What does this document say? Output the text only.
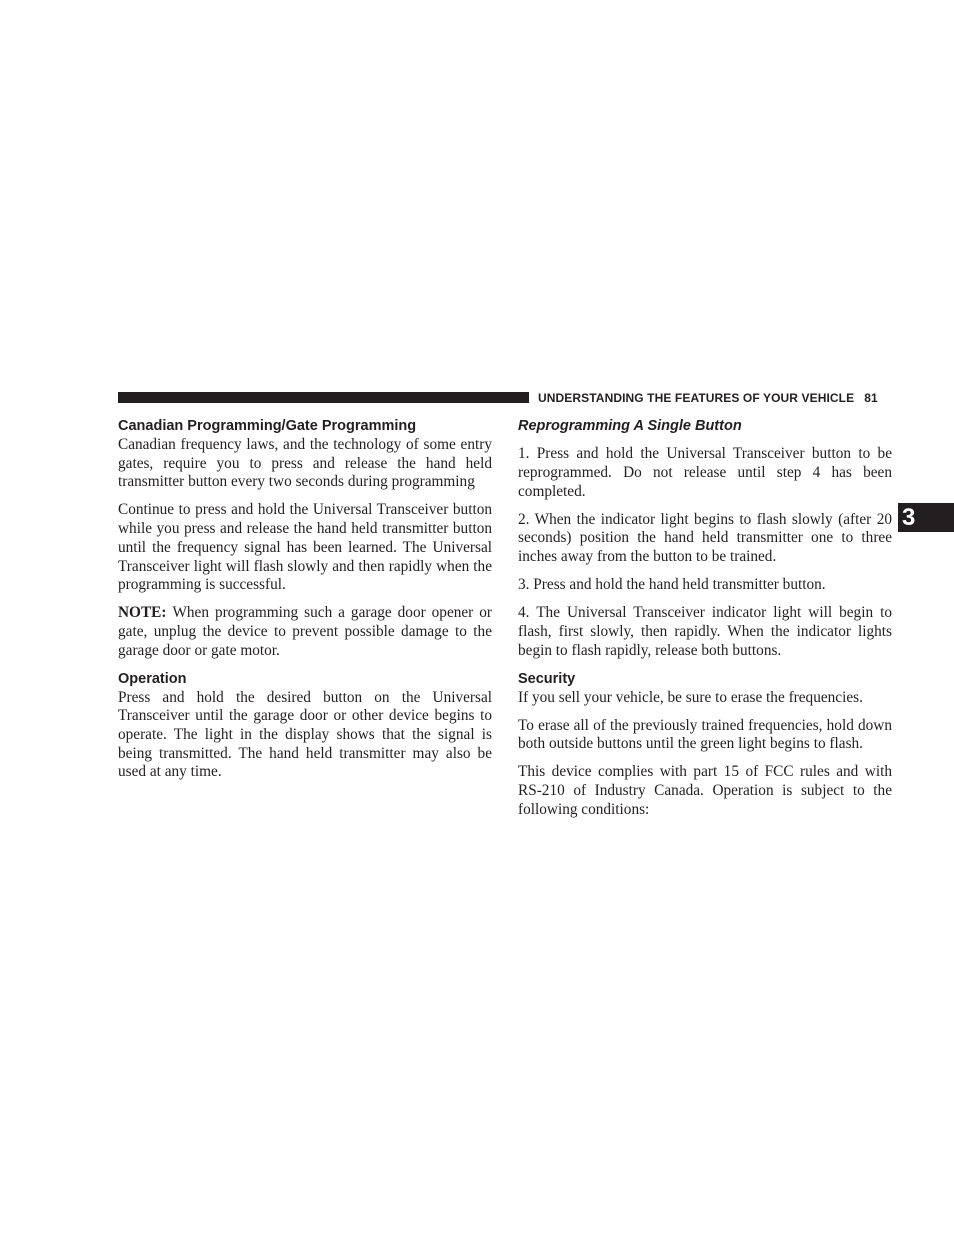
UNDERSTANDING THE FEATURES OF YOUR VEHICLE 81
3
Canadian Programming/Gate Programming

Canadian frequency laws, and the technology of some entry gates, require you to press and release the hand held transmitter button every two seconds during programming

Continue to press and hold the Universal Transceiver button while you press and release the hand held transmitter button until the frequency signal has been learned. The Universal Transceiver light will flash slowly and then rapidly when the programming is successful.

NOTE: When programming such a garage door opener or gate, unplug the device to prevent possible damage to the garage door or gate motor.

Operation

Press and hold the desired button on the Universal Transceiver until the garage door or other device begins to operate. The light in the display shows that the signal is being transmitted. The hand held transmitter may also be used at any time.

Reprogramming A Single Button

1. Press and hold the Universal Transceiver button to be reprogrammed. Do not release until step 4 has been completed.

2. When the indicator light begins to flash slowly (after 20 seconds) position the hand held transmitter one to three inches away from the button to be trained.

3. Press and hold the hand held transmitter button.

4. The Universal Transceiver indicator light will begin to flash, first slowly, then rapidly. When the indicator lights begin to flash rapidly, release both buttons.

Security

If you sell your vehicle, be sure to erase the frequencies.

To erase all of the previously trained frequencies, hold down both outside buttons until the green light begins to flash.

This device complies with part 15 of FCC rules and with RS-210 of Industry Canada. Operation is subject to the following conditions:
